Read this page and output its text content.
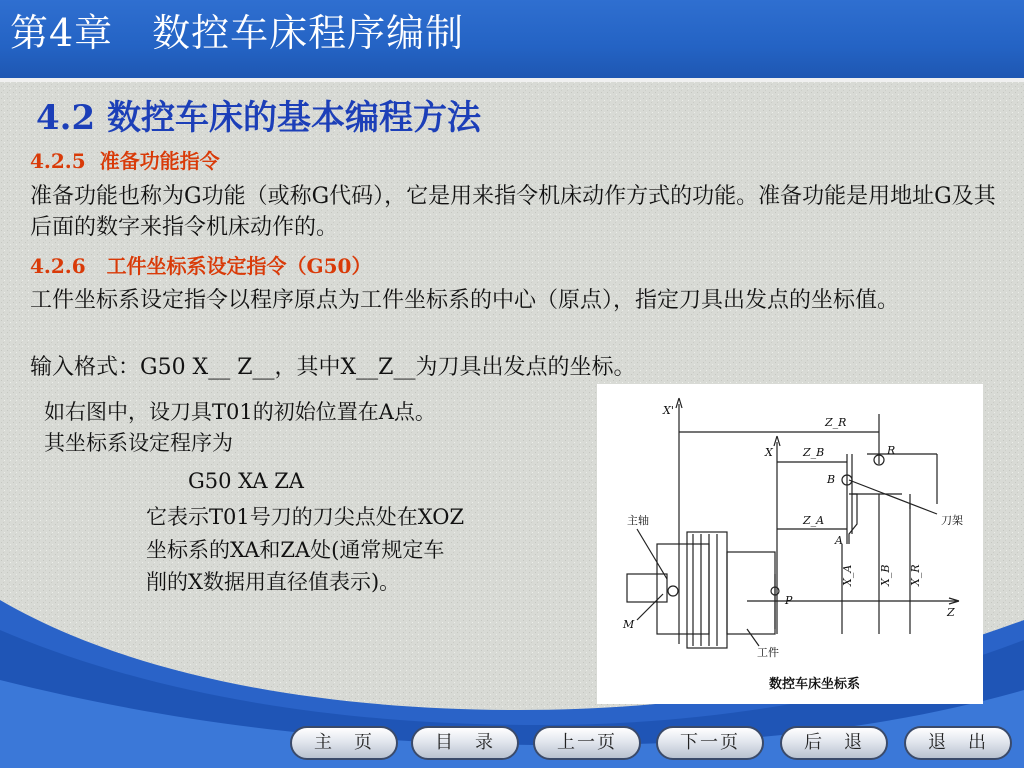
第4章　数控车床程序编制
4.2 数控车床的基本编程方法
4.2.5  准备功能指令
准备功能也称为G功能（或称G代码），它是用来指令机床动作方式的功能。准备功能是用地址G及其后面的数字来指令机床动作的。
4.2.6   工件坐标系设定指令（G50）
工件坐标系设定指令以程序原点为工件坐标系的中心（原点），指定刀具出发点的坐标值。
输入格式：G50 X__ Z__，其中X__Z__为刀具出发点的坐标。
如右图中，设刀具T01的初始位置在A点。
其坐标系设定程序为
G50 XA ZA
它表示T01号刀的刀尖点处在XOZ
坐标系的XA和ZA处(通常规定车
削的X数据用直径值表示)。
X'
X
Z_R
Z_B
Z_A
R
B
A
P
Z
M
X_A X_B X_R
刀架
主轴
工件
数控车床坐标系
主　页	目　录	上一页	下一页	后　退	退　出
